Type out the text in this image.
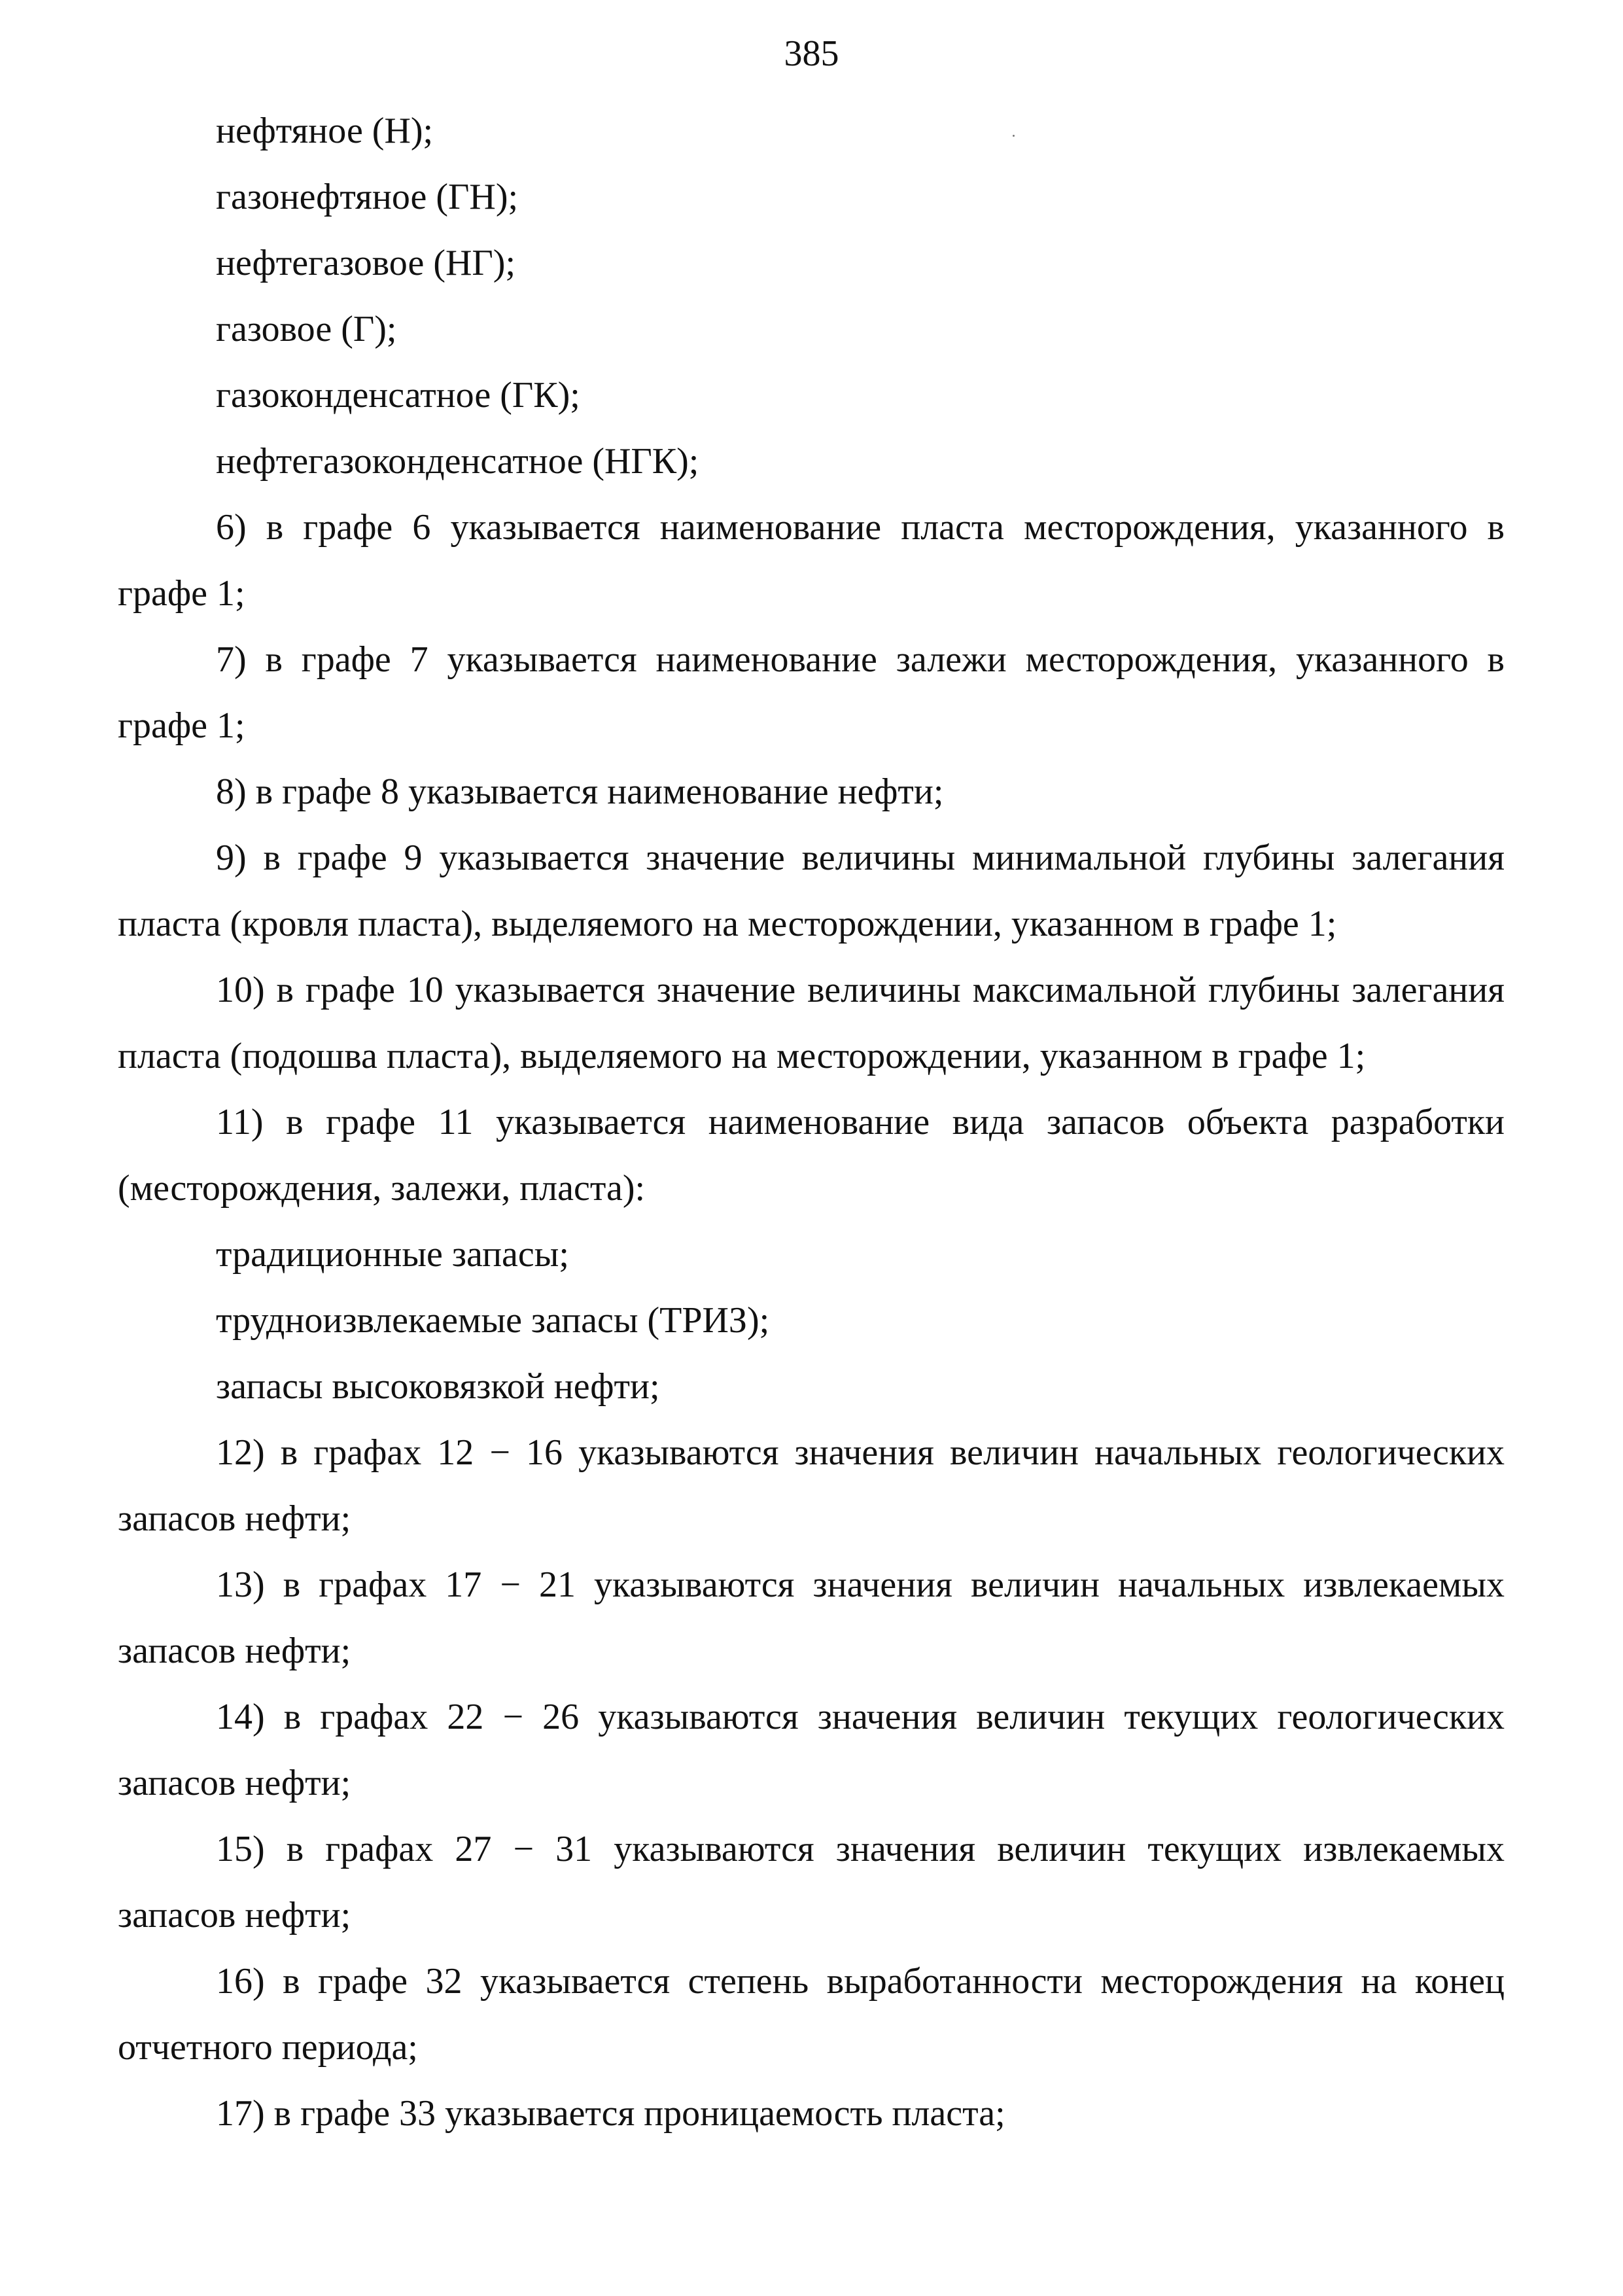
385

нефтяное (Н);

газонефтяное (ГН);

нефтегазовое (НГ);

газовое (Г);

газоконденсатное (ГК);

нефтегазоконденсатное (НГК);

6) в графе 6 указывается наименование пласта месторождения, указанного в графе 1;

7) в графе 7 указывается наименование залежи месторождения, указанного в графе 1;

8) в графе 8 указывается наименование нефти;

9) в графе 9 указывается значение величины минимальной глубины залегания пласта (кровля пласта), выделяемого на месторождении, указанном в графе 1;

10) в графе 10 указывается значение величины максимальной глубины залегания пласта (подошва пласта), выделяемого на месторождении, указанном в графе 1;

11) в графе 11 указывается наименование вида запасов объекта разработки (месторождения, залежи, пласта):

традиционные запасы;

трудноизвлекаемые запасы (ТРИЗ);

запасы высоковязкой нефти;

12) в графах 12 − 16 указываются значения величин начальных геологических запасов нефти;

13) в графах 17 − 21 указываются значения величин начальных извлекаемых запасов нефти;

14) в графах 22 − 26 указываются значения величин текущих геологических запасов нефти;

15) в графах 27 − 31 указываются значения величин текущих извлекаемых запасов нефти;

16) в графе 32 указывается степень выработанности месторождения на конец отчетного периода;

17) в графе 33 указывается проницаемость пласта;
